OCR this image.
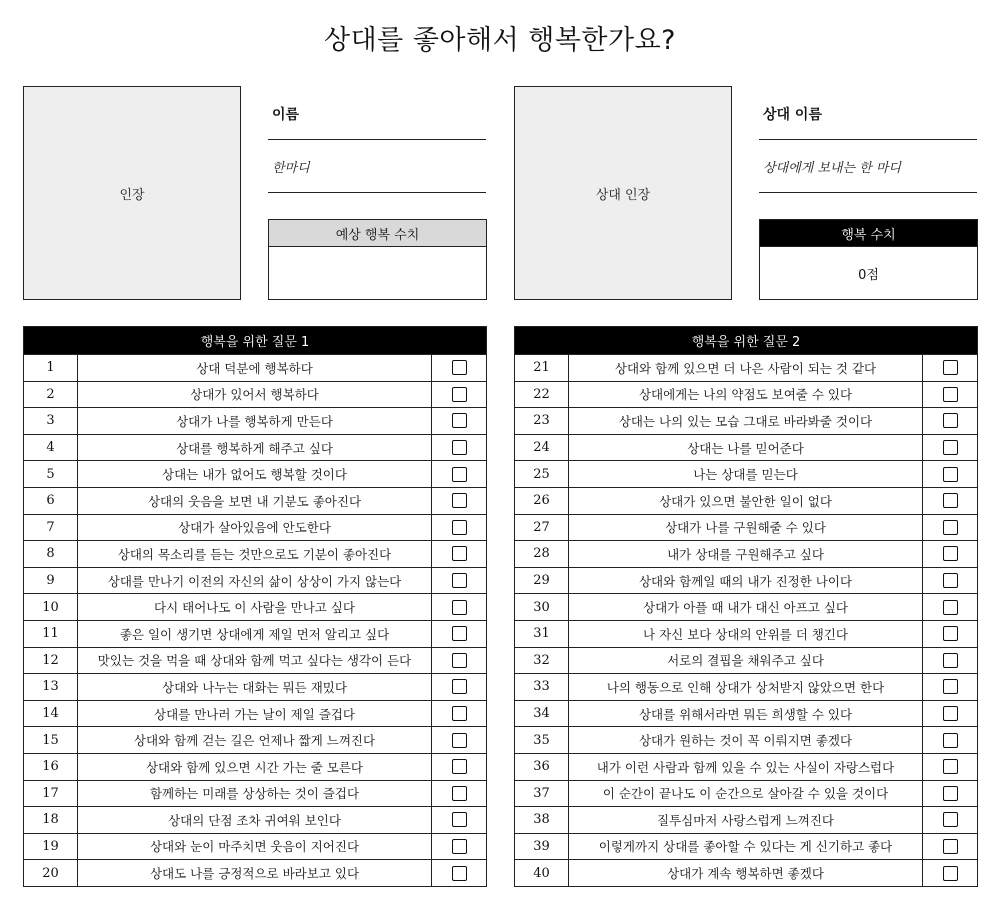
상대를 좋아해서 행복한가요?
인장
이름
한마디
예상 행복 수치
상대 인장
상대 이름
상대에게 보내는 한 마디
행복 수치
0점
행복을 위한 질문 1
1	상대 덕분에 행복하다
2	상대가 있어서 행복하다
3	상대가 나를 행복하게 만든다
4	상대를 행복하게 해주고 싶다
5	상대는 내가 없어도 행복할 것이다
6	상대의 웃음을 보면 내 기분도 좋아진다
7	상대가 살아있음에 안도한다
8	상대의 목소리를 듣는 것만으로도 기분이 좋아진다
9	상대를 만나기 이전의 자신의 삶이 상상이 가지 않는다
10	다시 태어나도 이 사람을 만나고 싶다
11	좋은 일이 생기면 상대에게 제일 먼저 알리고 싶다
12	맛있는 것을 먹을 때 상대와 함께 먹고 싶다는 생각이 든다
13	상대와 나누는 대화는 뭐든 재밌다
14	상대를 만나러 가는 날이 제일 즐겁다
15	상대와 함께 걷는 길은 언제나 짧게 느껴진다
16	상대와 함께 있으면 시간 가는 줄 모른다
17	함께하는 미래를 상상하는 것이 즐겁다
18	상대의 단점 조차 귀여워 보인다
19	상대와 눈이 마주치면 웃음이 지어진다
20	상대도 나를 긍정적으로 바라보고 있다
행복을 위한 질문 2
21	상대와 함께 있으면 더 나은 사람이 되는 것 같다
22	상대에게는 나의 약점도 보여줄 수 있다
23	상대는 나의 있는 모습 그대로 바라봐줄 것이다
24	상대는 나를 믿어준다
25	나는 상대를 믿는다
26	상대가 있으면 불안한 일이 없다
27	상대가 나를 구원해줄 수 있다
28	내가 상대를 구원해주고 싶다
29	상대와 함께일 때의 내가 진정한 나이다
30	상대가 아플 때 내가 대신 아프고 싶다
31	나 자신 보다 상대의 안위를 더 챙긴다
32	서로의 결핍을 채워주고 싶다
33	나의 행동으로 인해 상대가 상처받지 않았으면 한다
34	상대를 위해서라면 뭐든 희생할 수 있다
35	상대가 원하는 것이 꼭 이뤄지면 좋겠다
36	내가 이런 사람과 함께 있을 수 있는 사실이 자랑스럽다
37	이 순간이 끝나도 이 순간으로 살아갈 수 있을 것이다
38	질투심마저 사랑스럽게 느껴진다
39	이렇게까지 상대를 좋아할 수 있다는 게 신기하고 좋다
40	상대가 계속 행복하면 좋겠다
